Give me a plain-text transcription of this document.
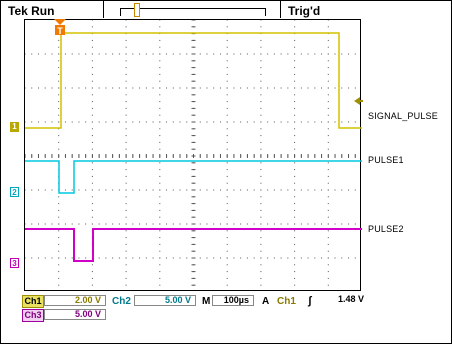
Tek Run	Trig'd
T
1
2
3
SIGNAL_PULSE
PULSE1
PULSE2
Ch1	2.00 V	Ch2	5.00 V	M	100µs	A Ch1 ʃ	1.48 V
Ch3	5.00 V
